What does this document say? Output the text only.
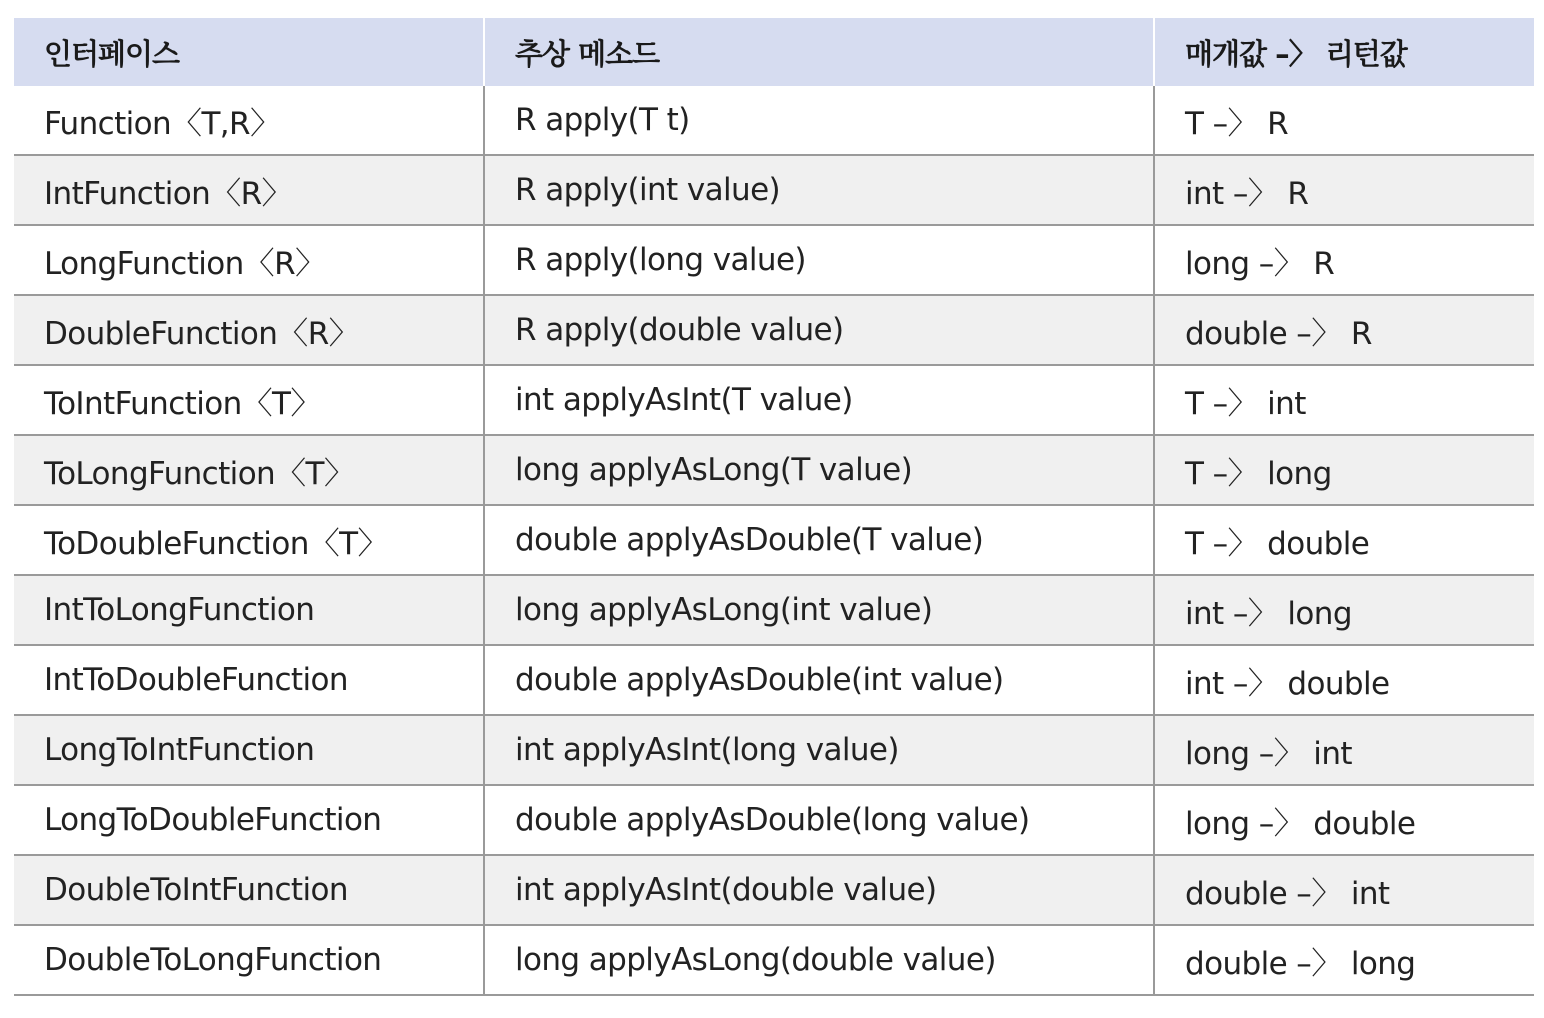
인터페이스	추상 메소드	매개값 –〉 리턴값
Function〈T,R〉	R apply(T t)	T –〉 R
IntFunction〈R〉	R apply(int value)	int –〉 R
LongFunction〈R〉	R apply(long value)	long –〉 R
DoubleFunction〈R〉	R apply(double value)	double –〉 R
ToIntFunction〈T〉	int applyAsInt(T value)	T –〉 int
ToLongFunction〈T〉	long applyAsLong(T value)	T –〉 long
ToDoubleFunction〈T〉	double applyAsDouble(T value)	T –〉 double
IntToLongFunction	long applyAsLong(int value)	int –〉 long
IntToDoubleFunction	double applyAsDouble(int value)	int –〉 double
LongToIntFunction	int applyAsInt(long value)	long –〉 int
LongToDoubleFunction	double applyAsDouble(long value)	long –〉 double
DoubleToIntFunction	int applyAsInt(double value)	double –〉 int
DoubleToLongFunction	long applyAsLong(double value)	double –〉 long
